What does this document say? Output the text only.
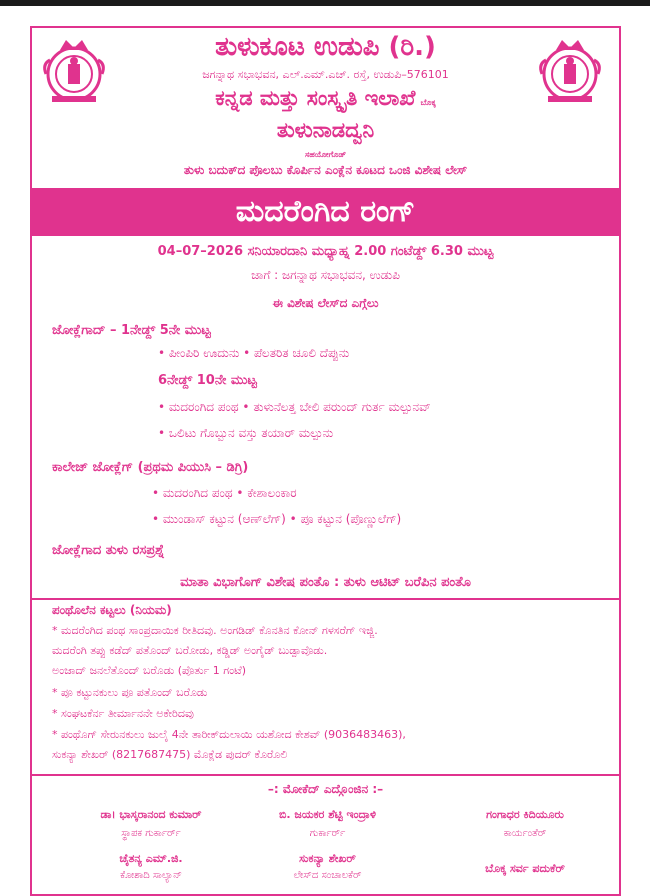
ತುಳುಕೂಟ ಉಡುಪಿ (ರಿ.)
ಜಗನ್ನಾಥ ಸಭಾಭವನ, ಎಲ್.ಎಮ್.ಎಚ್. ರಸ್ತೆ, ಉಡುಪಿ–576101
ಕನ್ನಡ ಮತ್ತು ಸಂಸ್ಕೃತಿ ಇಲಾಖೆ ಬೊಕ್ಕ
ತುಳುನಾಡದ್ವನಿ
ಸಹಯೋಗೊಡ್
ತುಳು ಬದುಕ್‌ದ ಪೊಲಬು ಕೊರ್ಪಿನ ಎಂಕ್ಲೆನ ಕೂಟದ ಒಂಜಿ ವಿಶೇಷ ಲೇಸ್
ಮದರೆಂಗಿದ ರಂಗ್
04–07–2026 ಸನಿಯಾರದಾನಿ ಮಧ್ಯಾಹ್ನ 2.00 ಗಂಟೆಡ್ದ್ 6.30 ಮುಟ್ಟ
ಜಾಗೆ : ಜಗನ್ನಾಥ ಸಭಾಭವನ, ಉಡುಪಿ
ಈ ವಿಶೇಷ ಲೇಸ್‌ದ ಎಗ್ಗೆಲು
ಜೋಕ್ಲೆಗಾದ್ – 1ನೇಡ್ದ್ 5ನೇ ಮುಟ್ಟ
• ಪೀಂಪಿರಿ ಊದುನು • ಪೆಲತರಿತ ಚೂಲಿ ದೆಪ್ಪುನು
6ನೇಡ್ದ್ 10ನೇ ಮುಟ್ಟ
• ಮದರಂಗಿದ ಪಂಥ • ತುಳುನೆಲತ್ತ ಬೇಲಿ ಪರುಂದ್ ಗುರ್ತ ಮಲ್ಪುನವ್
• ಒಲಿಟು ಗೊಬ್ಬುನ ವಸ್ತು ತಯಾರ್ ಮಲ್ಪುನು
ಕಾಲೇಜ್ ಜೋಕ್ಲೆಗ್ (ಪ್ರಥಮ ಪಿಯುಸಿ – ಡಿಗ್ರಿ)
• ಮದರಂಗಿದ ಪಂಥ • ಕೇಶಾಲಂಕಾರ
• ಮುಂಡಾಸ್ ಕಟ್ಟುನ (ಆಣ್‌ಲೆಗ್) • ಪೂ ಕಟ್ಟುನ (ಪೊಣ್ಣುಲೆಗ್)
ಜೋಕ್ಲೆಗಾದ ತುಳು ರಸಪ್ರಶ್ನೆ
ಮಾತಾ ವಿಭಾಗೊಗ್ ವಿಶೇಷ ಪಂತೊ : ತುಳು ಆಟಿಟ್ ಬರೆಪಿನ ಪಂತೊ
ಪಂಥೊಲೆನ ಕಟ್ಟಲು (ನಿಯಮ)
* ಮದರೆಂಗಿದ ಪಂಥ ಸಾಂಪ್ರದಾಯಿಕ ರೀತಿದವು. ಅಂಗಡಿಡ್ ಕೊನತಿನ ಕೋನ್ ಗಳಸರೆಗ್ ಇಜ್ಜಿ.
ಮದರೆಂಗಿ ತಪ್ಪು ಕಡೆದ್ ಪತೊಂದ್ ಬರೋಡು, ಕಡ್ಡಿಡ್ ಅಂಗೈಡ್ ಬುಡ್ಪಾವೊಡು.
ಅಂಜಾದ್ ಜನಲೆತೊಂದ್ ಬರೊಡು (ಪೊರ್ತು 1 ಗಂಟೆ)
* ಪೂ ಕಟ್ಟುನಕುಲು ಪೂ ಪತೊಂದ್ ಬರೊಡು
* ಸಂಘಟಕೆರ್ನ ತೀರ್ಮಾನನೇ ಅಕೇರಿದವು
* ಪಂಥೊಗ್ ಸೇರುನಕುಲು ಜುಲೈ 4ನೇ ತಾರೀಕ್‌ದುಲಾಯಿ ಯಶೋದ ಕೇಶವ್ (9036483463),
ಸುಕನ್ಯಾ ಶೇಖರ್ (8217687475) ಮೊಕ್ಲೆಡ ಪುದರ್ ಕೊರೊಲಿ
–: ಮೋಕೆದ್ ಎದ್ಗೊಂಜಿನ :–
ಡಾ। ಭಾಸ್ಕರಾನಂದ ಕುಮಾರ್
ಸ್ಥಾಪಕ ಗುರ್ಕಾರ್ರ್
ಬಿ. ಜಯಕರ ಶೆಟ್ಟಿ ಇಂದ್ರಾಳಿ
ಗುರ್ಕಾರ್ರ್
ಗಂಗಾಧರ ಕಿದಿಯೂರು
ಕಾರ್ಯಂತೆರ್
ಚೈತನ್ಯ ಎಮ್.ಜಿ.
ಕೋಶಾದಿ ಸಾಲ್ಯಾನ್
ಸುಕನ್ಯಾ ಶೇಖರ್
ಲೇಸ್‌ದ ಸಂಚಾಲಕೆರ್
ಬೊಕ್ಕ ಸರ್ವ ಪದುಕೆರ್
